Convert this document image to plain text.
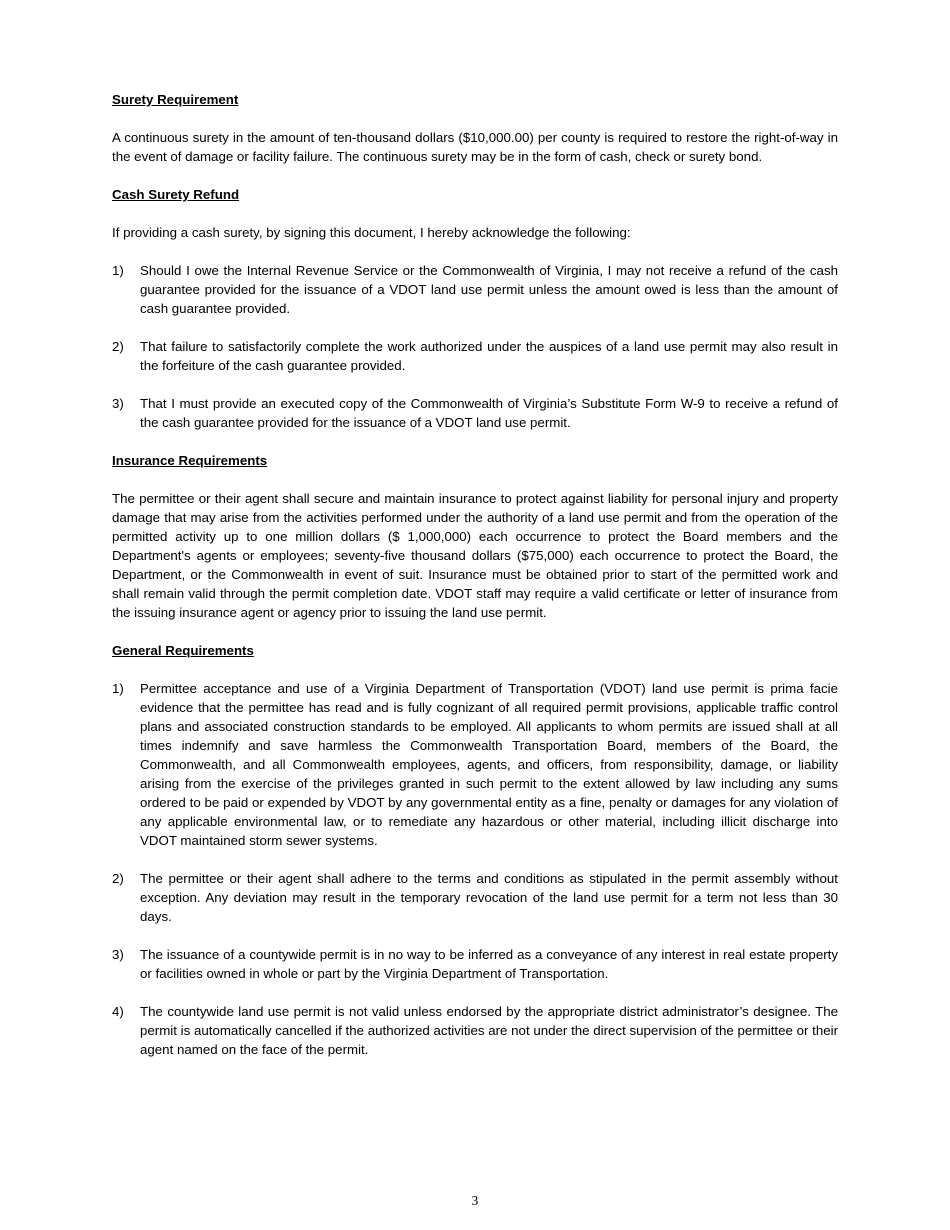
Surety Requirement

A continuous surety in the amount of ten-thousand dollars ($10,000.00) per county is required to restore the right-of-way in the event of damage or facility failure. The continuous surety may be in the form of cash, check or surety bond.

Cash Surety Refund

If providing a cash surety, by signing this document, I hereby acknowledge the following:

1) Should I owe the Internal Revenue Service or the Commonwealth of Virginia, I may not receive a refund of the cash guarantee provided for the issuance of a VDOT land use permit unless the amount owed is less than the amount of cash guarantee provided.
2) That failure to satisfactorily complete the work authorized under the auspices of a land use permit may also result in the forfeiture of the cash guarantee provided.
3) That I must provide an executed copy of the Commonwealth of Virginia’s Substitute Form W-9 to receive a refund of the cash guarantee provided for the issuance of a VDOT land use permit.
Insurance Requirements

The permittee or their agent shall secure and maintain insurance to protect against liability for personal injury and property damage that may arise from the activities performed under the authority of a land use permit and from the operation of the permitted activity up to one million dollars ($ 1,000,000) each occurrence to protect the Board members and the Department's agents or employees; seventy-five thousand dollars ($75,000) each occurrence to protect the Board, the Department, or the Commonwealth in event of suit. Insurance must be obtained prior to start of the permitted work and shall remain valid through the permit completion date. VDOT staff may require a valid certificate or letter of insurance from the issuing insurance agent or agency prior to issuing the land use permit.

General Requirements
1) Permittee acceptance and use of a Virginia Department of Transportation (VDOT) land use permit is prima facie evidence that the permittee has read and is fully cognizant of all required permit provisions, applicable traffic control plans and associated construction standards to be employed. All applicants to whom permits are issued shall at all times indemnify and save harmless the Commonwealth Transportation Board, members of the Board, the Commonwealth, and all Commonwealth employees, agents, and officers, from responsibility, damage, or liability arising from the exercise of the privileges granted in such permit to the extent allowed by law including any sums ordered to be paid or expended by VDOT by any governmental entity as a fine, penalty or damages for any violation of any applicable environmental law, or to remediate any hazardous or other material, including illicit discharge into VDOT maintained storm sewer systems.
2) The permittee or their agent shall adhere to the terms and conditions as stipulated in the permit assembly without exception. Any deviation may result in the temporary revocation of the land use permit for a term not less than 30 days.
3) The issuance of a countywide permit is in no way to be inferred as a conveyance of any interest in real estate property or facilities owned in whole or part by the Virginia Department of Transportation.
4) The countywide land use permit is not valid unless endorsed by the appropriate district administrator’s designee. The permit is automatically cancelled if the authorized activities are not under the direct supervision of the permittee or their agent named on the face of the permit.
3
